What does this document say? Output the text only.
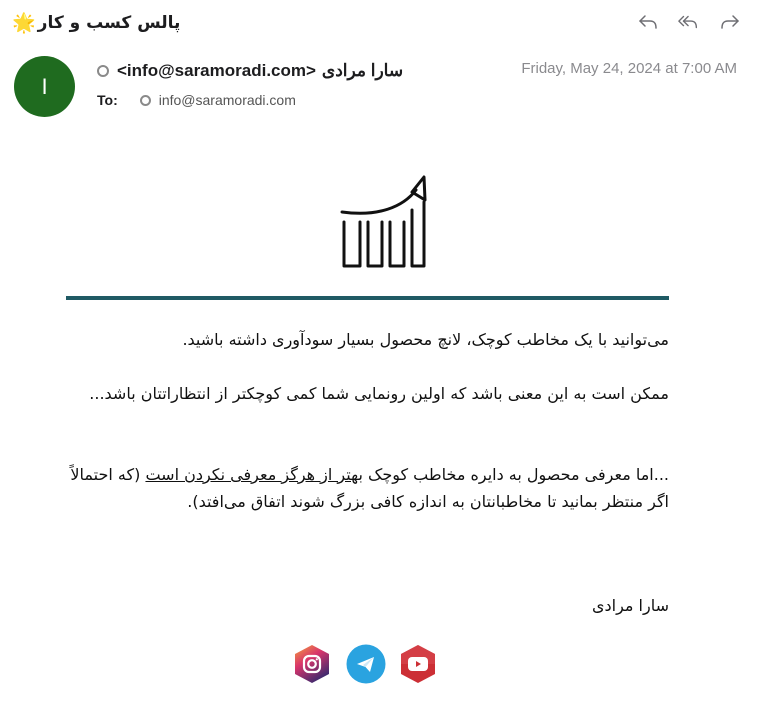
🌟 پالس کسب و کار
I
<info@saramoradi.com> سارا مرادی	Friday, May 24, 2024 at 7:00 AM
To:	info@saramoradi.com
می‌توانید با یک مخاطب کوچک، لانچ محصول بسیار سودآوری داشته باشید.
ممکن است به این معنی باشد که اولین رونمایی شما کمی کوچکتر از انتظاراتتان باشد...
...اما معرفی محصول به دایره مخاطب کوچک بهتر از هرگز معرفی نکردن است (که احتمالاً اگر منتظر بمانید تا مخاطبانتان به اندازه کافی بزرگ شوند اتفاق می‌افتد).
سارا مرادی
